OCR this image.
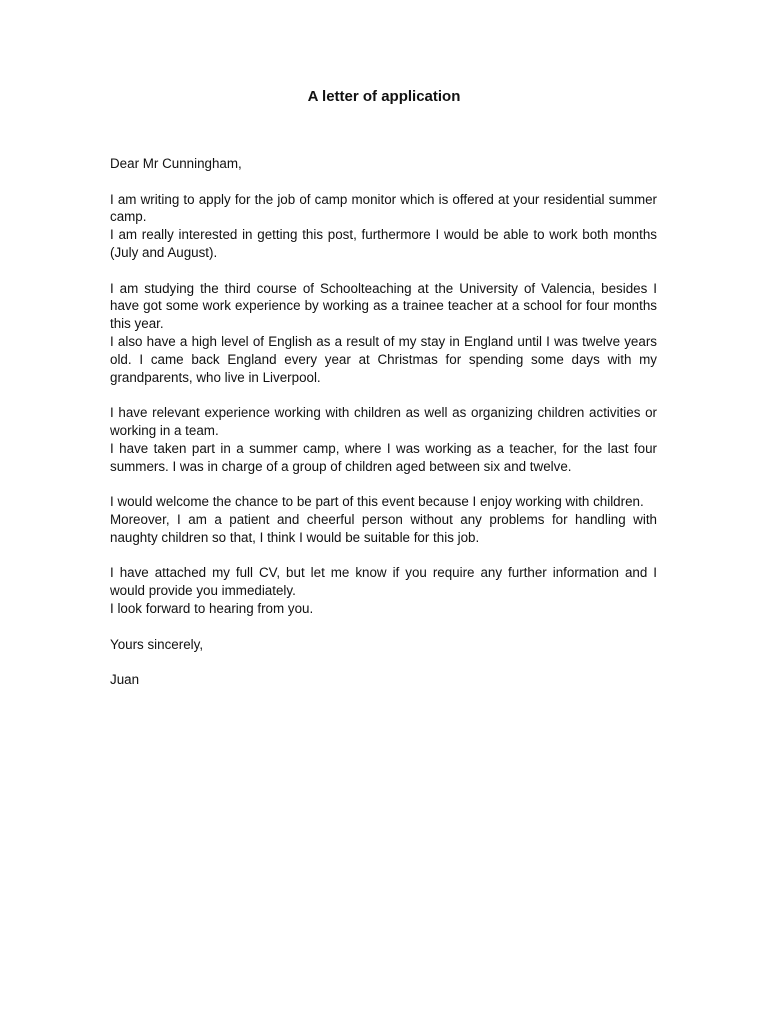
A letter of application

Dear Mr Cunningham,

I am writing to apply for the job of camp monitor which is offered at your residential summer camp.
I am really interested in getting this post, furthermore I would be able to work both months (July and August).
I am studying the third course of Schoolteaching at the University of Valencia, besides I have got some work experience by working as a trainee teacher at a school for four months this year.
I also have a high level of English as a result of my stay in England until I was twelve years old. I came back England every year at Christmas for spending some days with my grandparents, who live in Liverpool.
I have relevant experience working with children as well as organizing children activities or working in a team.
I have taken part in a summer camp, where I was working as a teacher, for the last four summers. I was in charge of a group of children aged between six and twelve.
I would welcome the chance to be part of this event because I enjoy working with children.
Moreover, I am a patient and cheerful person without any problems for handling with naughty children so that, I think I would be suitable for this job.
I have attached my full CV, but let me know if you require any further information and I would provide you immediately.
I look forward to hearing from you.

Yours sincerely,

Juan
